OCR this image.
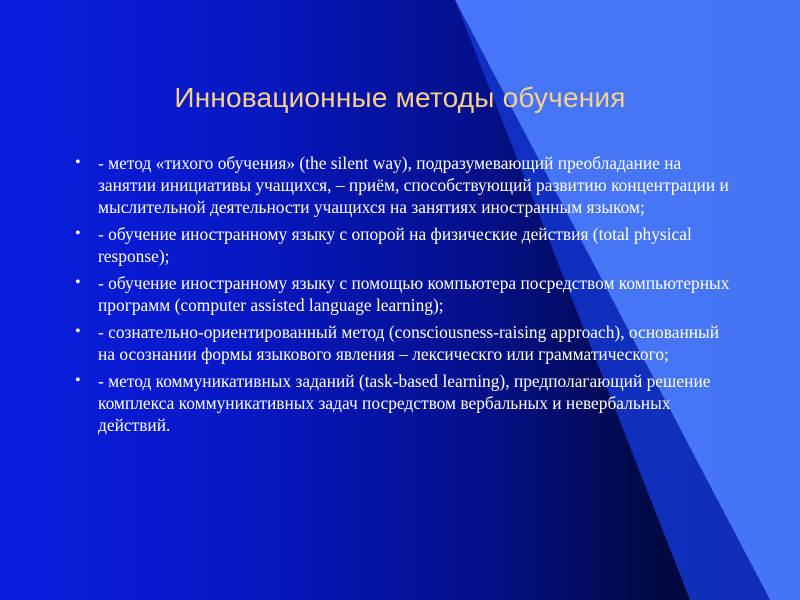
Инновационные методы обучения
• - метод «тихого обучения» (the silent way), подразумевающий преобладание на занятии инициативы учащихся, – приём, способствующий развитию концентрации и мыслительной деятельности учащихся на занятиях иностранным языком;
• - обучение иностранному языку с опорой на физические действия (total physical response);
• - обучение иностранному языку с помощью компьютера посредством компьютерных программ (computer assisted language learning);
• - сознательно-ориентированный метод (consciousness-raising approach), основанный на осознании формы языкового явления – лексическго или грамматического;
• - метод коммуникативных заданий (task-based learning), предполагающий решение комплекса коммуникативных задач посредством вербальных и невербальных действий.
